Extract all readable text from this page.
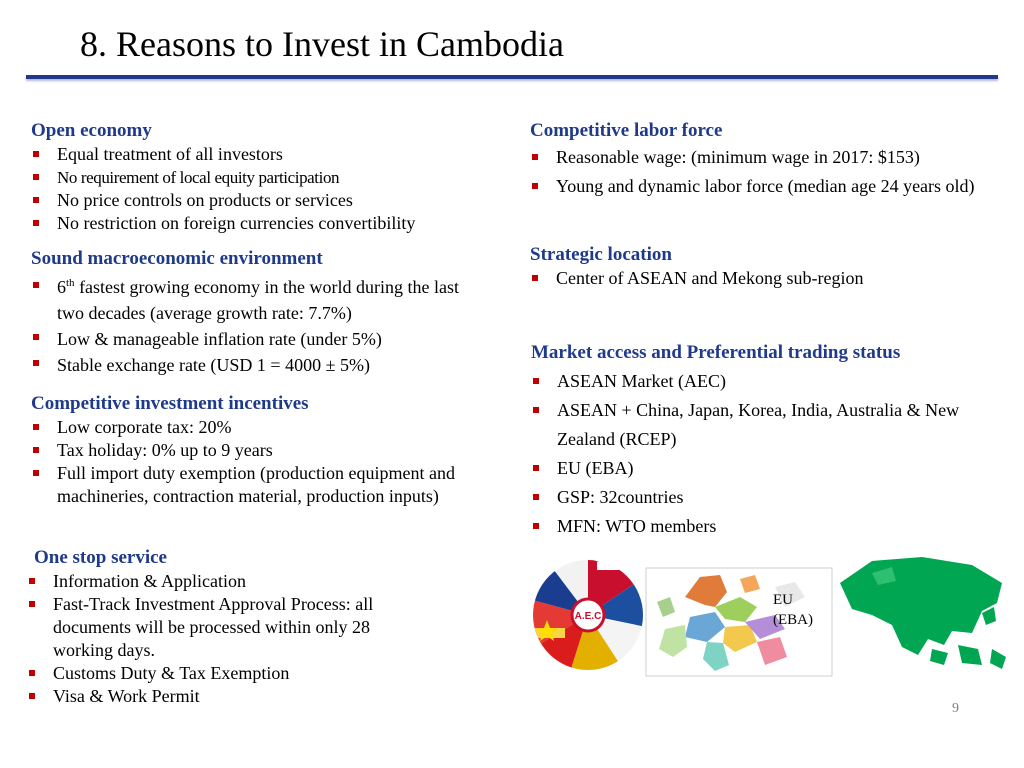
8. Reasons to Invest in Cambodia
Open economy
Equal treatment of all investors
No requirement of local equity participation
No price controls on products or services
No restriction on foreign currencies convertibility
Sound macroeconomic environment
6th fastest growing economy in the world during the last two decades (average growth rate: 7.7%)
Low & manageable inflation rate (under 5%)
Stable exchange rate (USD 1 = 4000 ± 5%)
Competitive investment incentives
Low corporate tax: 20%
Tax holiday: 0% up to 9 years
Full import duty exemption (production equipment and machineries, contraction material, production inputs)
One stop service
Information & Application
Fast-Track Investment Approval Process: all documents will be processed within only 28 working days.
Customs Duty & Tax Exemption
Visa & Work Permit
Competitive labor force
Reasonable wage: (minimum wage in 2017: $153)
Young and dynamic labor force (median age 24 years old)
Strategic location
Center of ASEAN and Mekong sub-region
Market access and Preferential trading status
ASEAN Market (AEC)
ASEAN + China, Japan, Korea, India, Australia & New Zealand (RCEP)
EU (EBA)
GSP: 32countries
MFN: WTO members
A.E.C
EU
(EBA)
9
